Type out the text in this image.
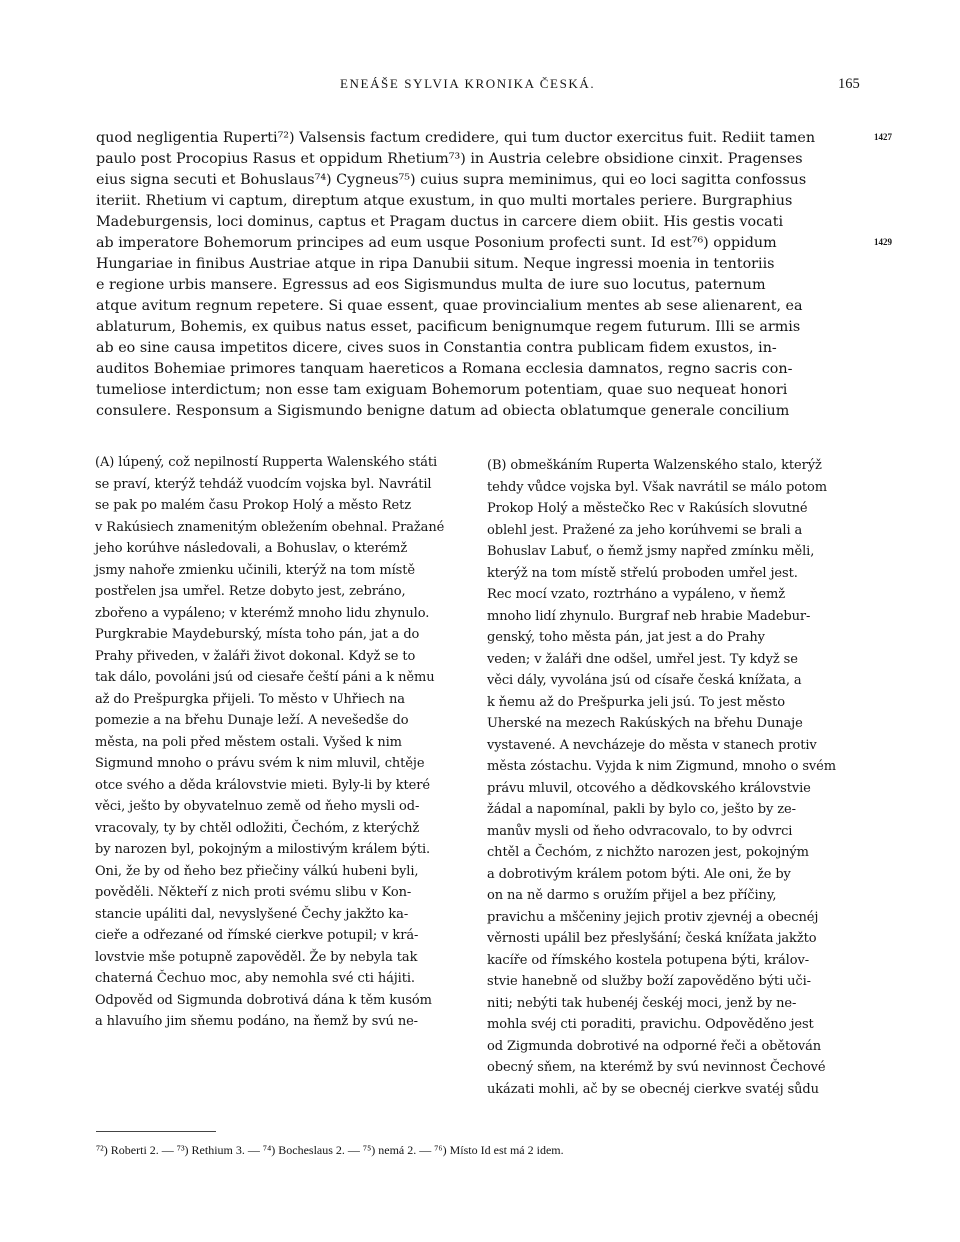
ENEÁŠE SYLVIA KRONIKA ČESKÁ.	165
1427
1429
quod negligentia Ruperti⁷²) Valsensis factum credidere, qui tum ductor exercitus fuit. Rediit tamen
paulo post Procopius Rasus et oppidum Rhetium⁷³) in Austria celebre obsidione cinxit. Pragenses
eius signa secuti et Bohuslaus⁷⁴) Cygneus⁷⁵) cuius supra meminimus, qui eo loci sagitta confossus
iteriit. Rhetium vi captum, direptum atque exustum, in quo multi mortales periere. Burgraphius
Madeburgensis, loci dominus, captus et Pragam ductus in carcere diem obiit. His gestis vocati
ab imperatore Bohemorum principes ad eum usque Posonium profecti sunt. Id est⁷⁶) oppidum
Hungariae in finibus Austriae atque in ripa Danubii situm. Neque ingressi moenia in tentoriis
e regione urbis mansere. Egressus ad eos Sigismundus multa de iure suo locutus, paternum
atque avitum regnum repetere. Si quae essent, quae provincialium mentes ab sese alienarent, ea
ablaturum, Bohemis, ex quibus natus esset, pacificum benignumque regem futurum. Illi se armis
ab eo sine causa impetitos dicere, cives suos in Constantia contra publicam fidem exustos, in-
auditos Bohemiae primores tanquam haereticos a Romana ecclesia damnatos, regno sacris con-
tumeliose interdictum; non esse tam exiguam Bohemorum potentiam, quae suo nequeat honori
consulere. Responsum a Sigismundo benigne datum ad obiecta oblatumque generale concilium
(A) lúpený, což nepilností Rupperta Walenského státi
se praví, kterýž tehdáž vuodcím vojska byl. Navrátil
se pak po malém času Prokop Holý a město Retz
v Rakúsiech znamenitým obležením obehnal. Pražané
jeho korúhve následovali, a Bohuslav, o kterémž
jsmy nahoře zmienku učinili, kterýž na tom místě
postřelen jsa umřel. Retze dobyto jest, zebráno,
zbořeno a vypáleno; v kterémž mnoho lidu zhynulo.
Purgkrabie Maydeburský, místa toho pán, jat a do
Prahy přiveden, v žaláři život dokonal. Když se to
tak dálo, povoláni jsú od ciesaře čeští páni a k němu
až do Prešpurgka přijeli. To město v Uhřiech na
pomezie a na břehu Dunaje leží. A nevešedše do
města, na poli před městem ostali. Vyšed k nim
Sigmund mnoho o právu svém k nim mluvil, chtěje
otce svého a děda královstvie mieti. Byly-li by které
věci, ješto by obyvatelnuo země od ňeho mysli od-
vracovaly, ty by chtěl odložiti, Čechóm, z kterýchž
by narozen byl, pokojným a milostivým králem býti.
Oni, že by od ňeho bez přiečiny válkú hubeni byli,
pověděli. Někteří z nich proti svému slibu v Kon-
stancie upáliti dal, nevyslyšené Čechy jakžto ka-
cieře a odřezané od římské cierkve potupil; v krá-
lovstvie mše potupně zapověděl. Že by nebyla tak
chaterná Čechuo moc, aby nemohla své cti hájiti.
Odpověd od Sigmunda dobrotivá dána k těm kusóm
a hlavuího jim sňemu podáno, na ňemž by svú ne-
(B) obmeškáním Ruperta Walzenského stalo, kterýž
tehdy vůdce vojska byl. Však navrátil se málo potom
Prokop Holý a městečko Rec v Rakúsích slovutné
oblehl jest. Pražené za jeho korúhvemi se brali a
Bohuslav Labuť, o ňemž jsmy napřed zmínku měli,
kterýž na tom místě střelú proboden umřel jest.
Rec mocí vzato, roztrháno a vypáleno, v ňemž
mnoho lidí zhynulo. Burgraf neb hrabie Madebur-
genský, toho města pán, jat jest a do Prahy
veden; v žaláři dne odšel, umřel jest. Ty když se
věci dály, vyvolána jsú od císaře česká knížata, a
k ňemu až do Prešpurka jeli jsú. To jest město
Uherské na mezech Rakúských na břehu Dunaje
vystavené. A nevcházeje do města v stanech protiv
města zóstachu. Vyjda k nim Zigmund, mnoho o svém
právu mluvil, otcového a dědkovského královstvie
žádal a napomínal, pakli by bylo co, ješto by ze-
manův mysli od ňeho odvracovalo, to by odvrci
chtěl a Čechóm, z nichžto narozen jest, pokojným
a dobrotivým králem potom býti. Ale oni, že by
on na ně darmo s oružím přijel a bez příčiny,
pravichu a mščeniny jejich protiv zjevnéj a obecnéj
věrnosti upálil bez přeslyšání; česká knížata jakžto
kacíře od římského kostela potupena býti, králov-
stvie hanebně od služby boží zapověděno býti uči-
niti; nebýti tak hubenéj českéj moci, jenž by ne-
mohla svéj cti poraditi, pravichu. Odpověděno jest
od Zigmunda dobrotivé na odporné řeči a obětován
obecný sňem, na kterémž by svú nevinnost Čechové
ukázati mohli, ač by se obecnéj cierkve svatéj sůdu
⁷²) Roberti 2. — ⁷³) Rethium 3. — ⁷⁴) Bocheslaus 2. — ⁷⁵) nemá 2. — ⁷⁶) Místo Id est má 2 idem.
